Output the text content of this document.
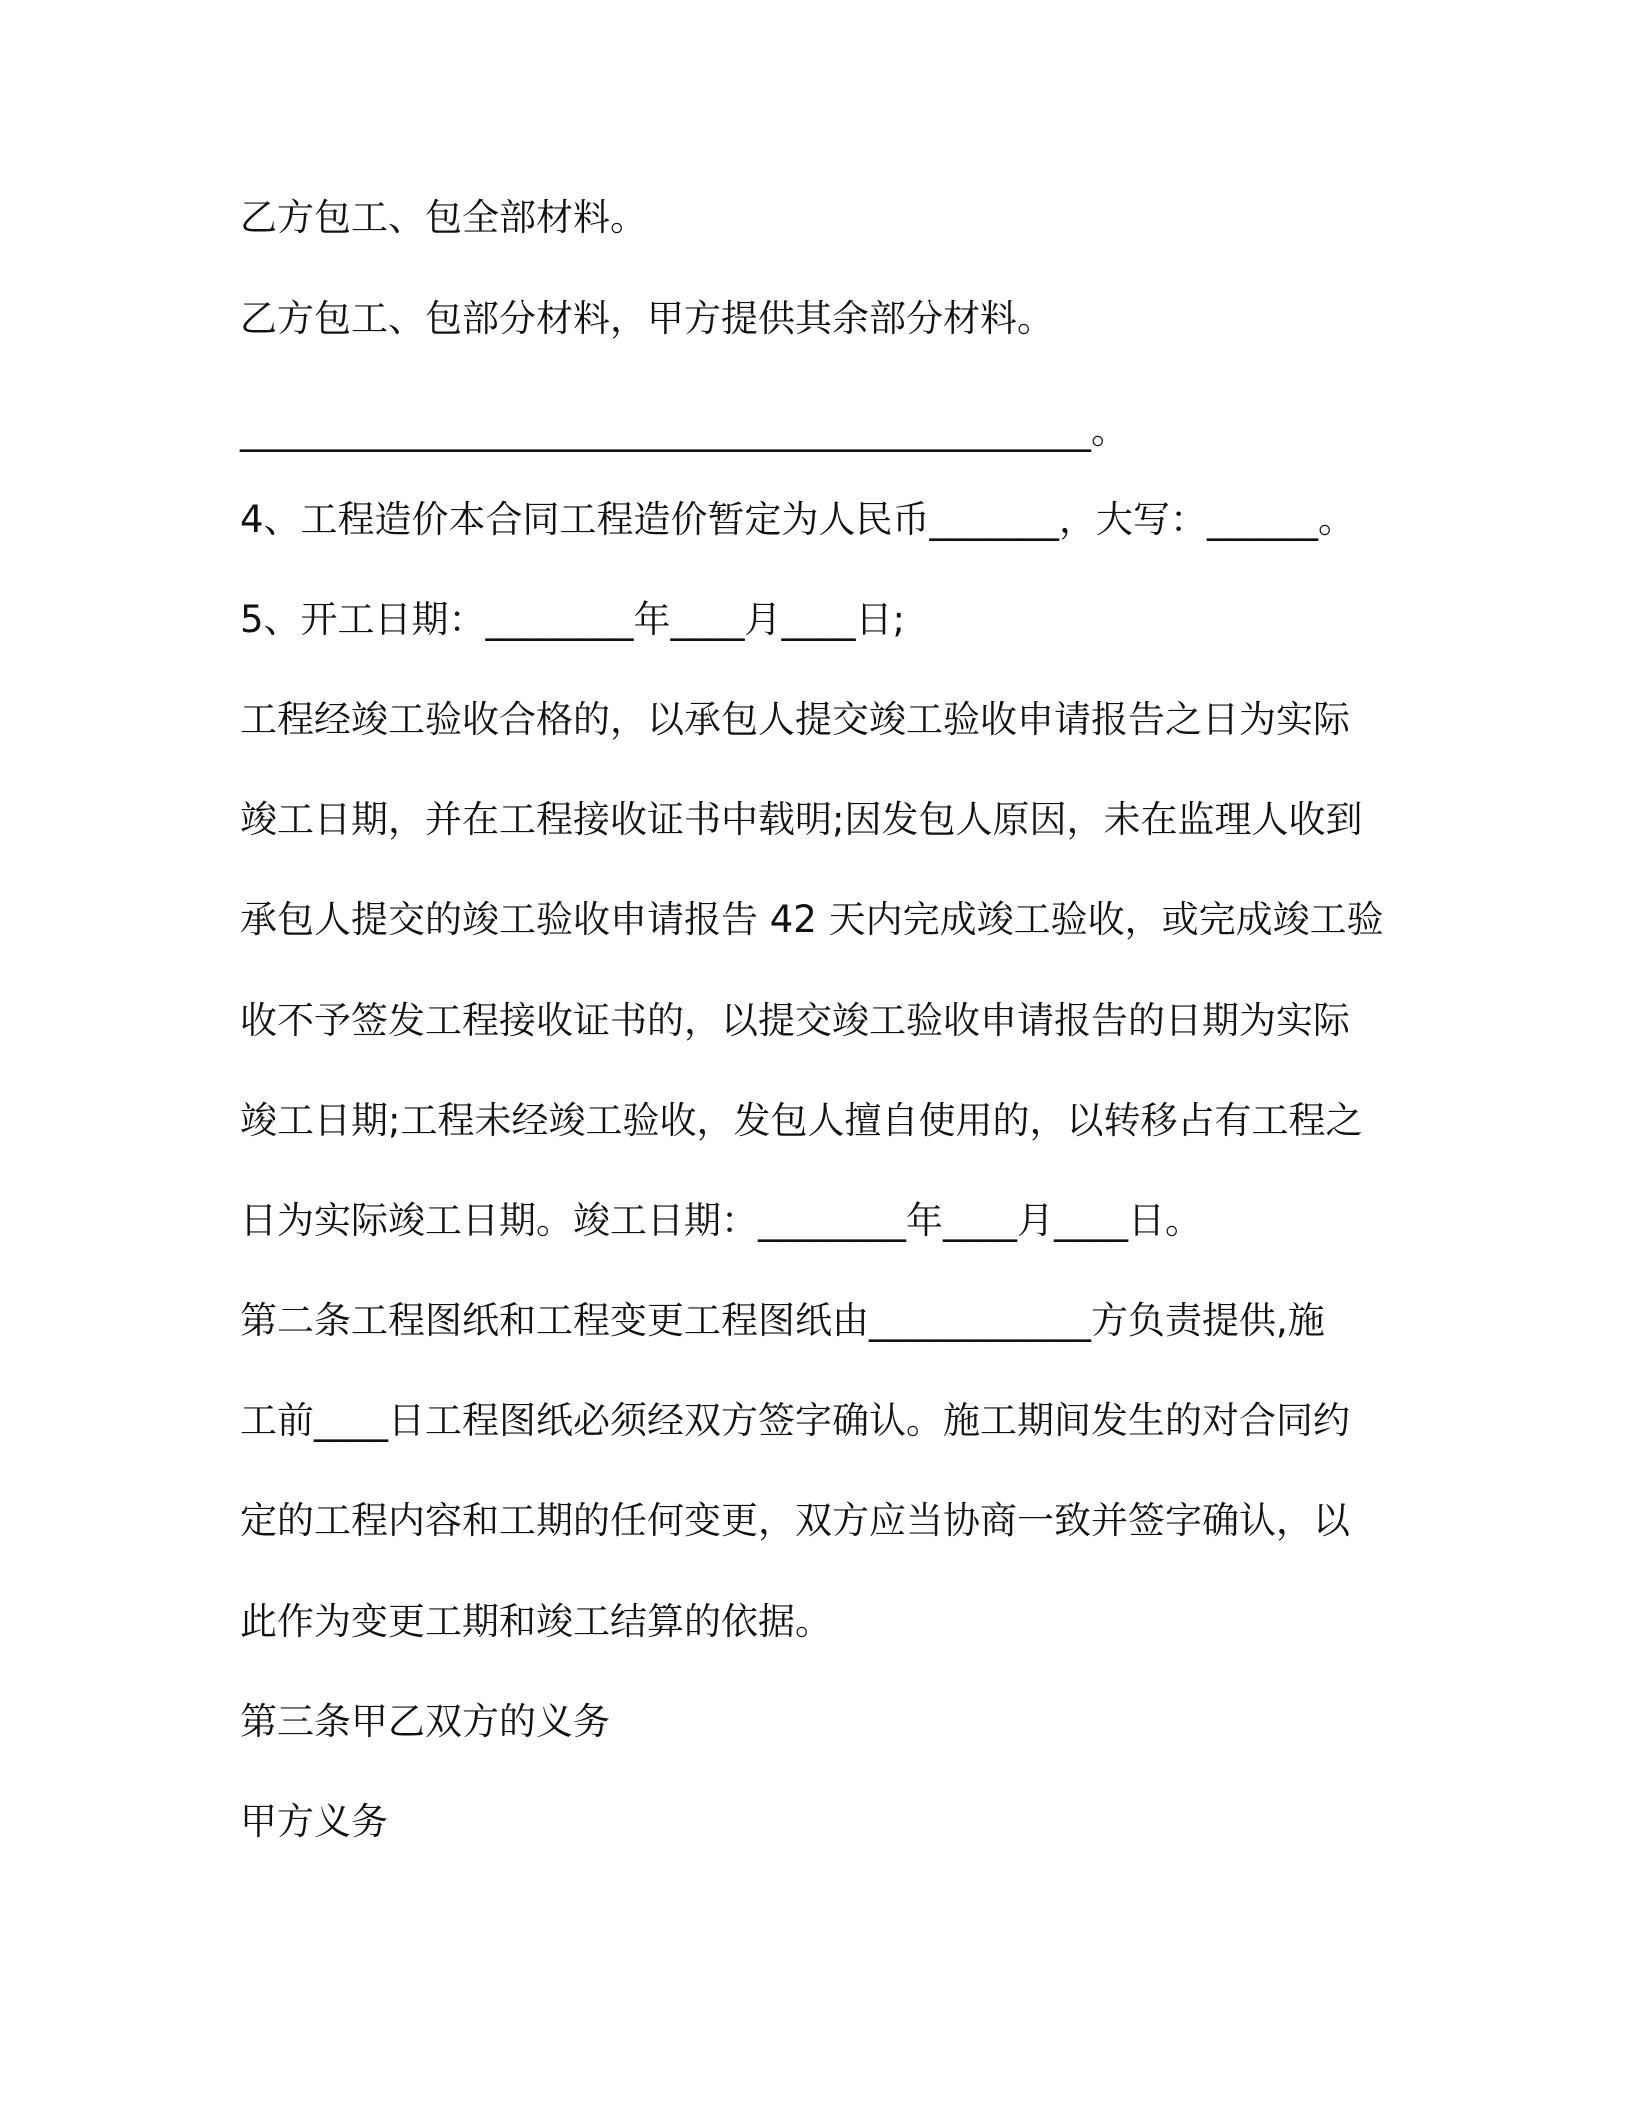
乙方包工、包全部材料。
乙方包工、包部分材料，甲方提供其余部分材料。
______________________________________________。
4、工程造价本合同工程造价暂定为人民币_______，大写：______。
5、开工日期：________年____月____日;
工程经竣工验收合格的，以承包人提交竣工验收申请报告之日为实际
竣工日期，并在工程接收证书中载明;因发包人原因，未在监理人收到
承包人提交的竣工验收申请报告 42 天内完成竣工验收，或完成竣工验
收不予签发工程接收证书的，以提交竣工验收申请报告的日期为实际
竣工日期;工程未经竣工验收，发包人擅自使用的，以转移占有工程之
日为实际竣工日期。竣工日期：________年____月____日。
第二条工程图纸和工程变更工程图纸由____________方负责提供,施
工前____日工程图纸必须经双方签字确认。施工期间发生的对合同约
定的工程内容和工期的任何变更，双方应当协商一致并签字确认，以
此作为变更工期和竣工结算的依据。
第三条甲乙双方的义务
甲方义务
